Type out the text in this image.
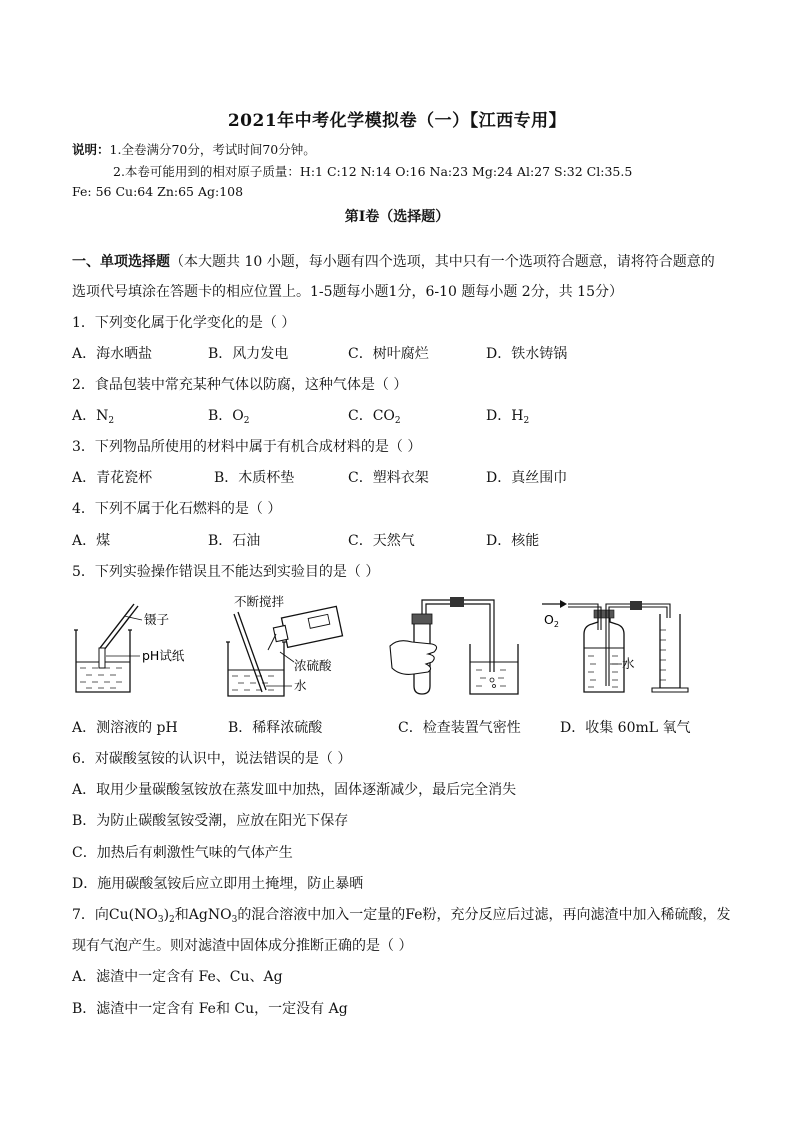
2021年中考化学模拟卷（一）【江西专用】
说明：1.全卷满分70分，考试时间70分钟。
2.本卷可能用到的相对原子质量：H:1 C:12 N:14 O:16 Na:23 Mg:24 Al:27 S:32 Cl:35.5
Fe: 56 Cu:64 Zn:65 Ag:108
第Ⅰ卷（选择题）
一、单项选择题（本大题共 10 小题，每小题有四个选项，其中只有一个选项符合题意，请将符合题意的
选项代号填涂在答题卡的相应位置上。1-5题每小题1分，6-10 题每小题 2分，共 15分）
1．下列变化属于化学变化的是（ ）
A．海水晒盐	B．风力发电	C．树叶腐烂	D．铁水铸锅
2．食品包装中常充某种气体以防腐，这种气体是（ ）
A．$N_2$	B．$O_2$	C．$CO_2$	D．$H_2$
3．下列物品所使用的材料中属于有机合成材料的是（ ）
A．青花瓷杯	B．木质杯垫	C．塑料衣架	D．真丝围巾
4．下列不属于化石燃料的是（ ）
A．煤	B．石油	C．天然气	D．核能
5．下列实验操作错误且不能达到实验目的是（ ）
镊子
pH试纸
不断搅拌
浓硫酸
水
$O_2$
水
A．测溶液的 pH	B．稀释浓硫酸	C．检查装置气密性	D．收集 60mL 氧气
6．对碳酸氢铵的认识中，说法错误的是（ ）
A．取用少量碳酸氢铵放在蒸发皿中加热，固体逐渐减少，最后完全消失
B．为防止碳酸氢铵受潮，应放在阳光下保存
C．加热后有刺激性气味的气体产生
D．施用碳酸氢铵后应立即用土掩埋，防止暴晒
7．向$Cu(NO_3)_2$和AgNO$_3$的混合溶液中加入一定量的Fe粉，充分反应后过滤，再向滤渣中加入稀硫酸，发
现有气泡产生。则对滤渣中固体成分推断正确的是（ ）
A．滤渣中一定含有 Fe、Cu、Ag
B．滤渣中一定含有 Fe和 Cu，一定没有 Ag
